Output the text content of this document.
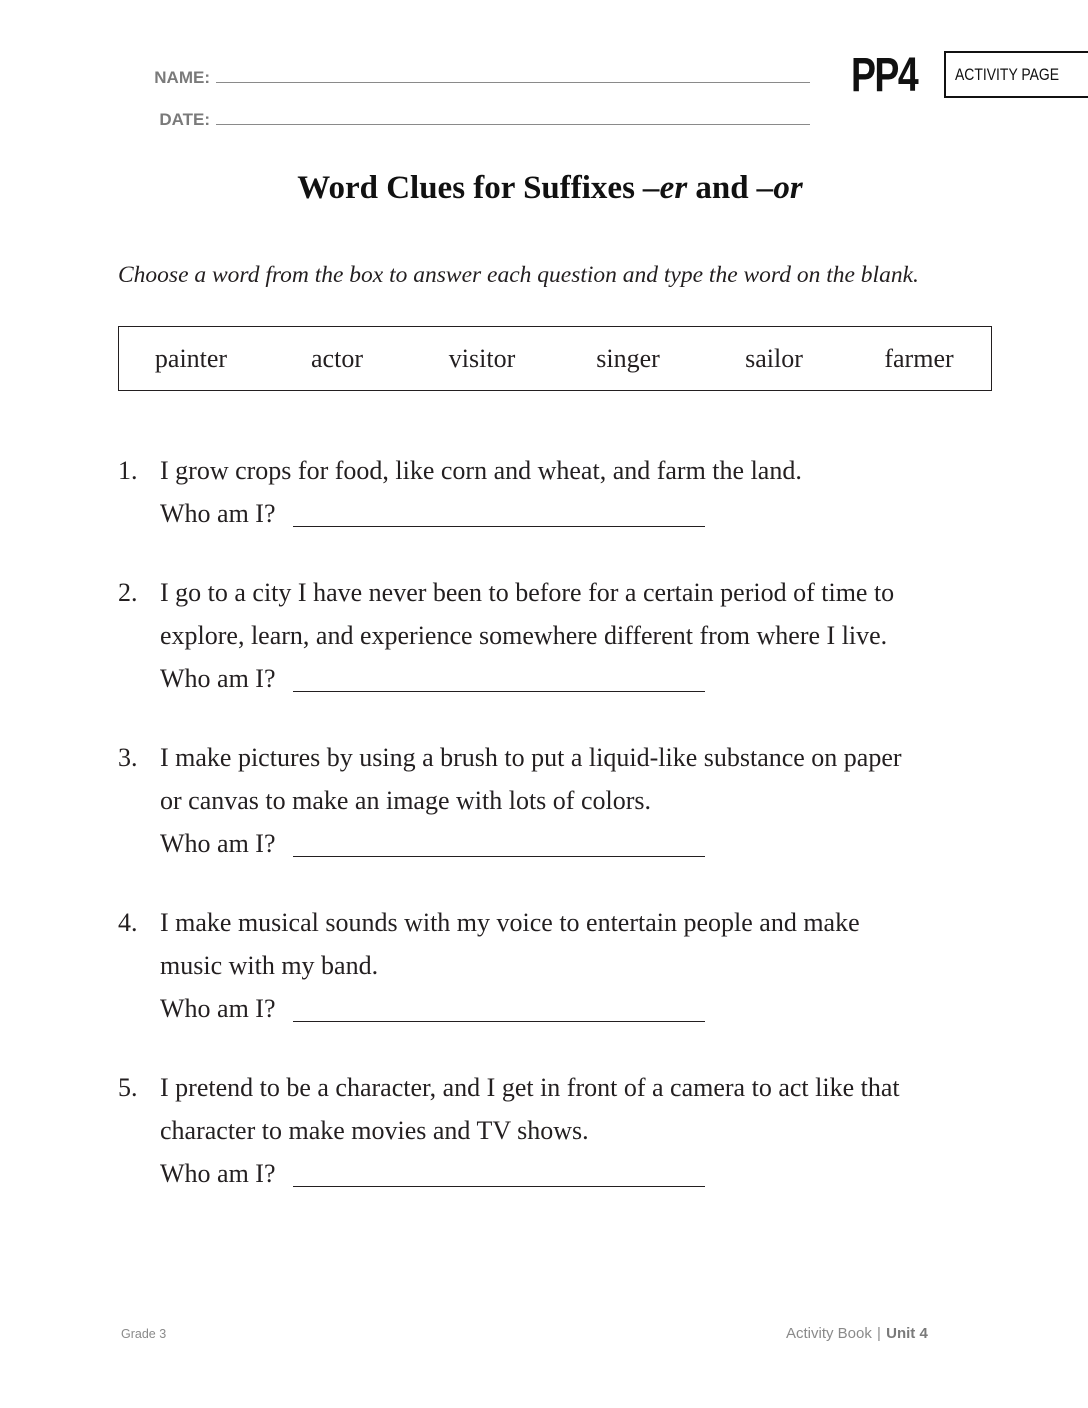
NAME:
DATE:
PP4 ACTIVITY PAGE
Word Clues for Suffixes –er and –or
Choose a word from the box to answer each question and type the word on the blank.
painter	actor	visitor	singer	sailor	farmer
1. I grow crops for food, like corn and wheat, and farm the land.
Who am I?
2. I go to a city I have never been to before for a certain period of time to
explore, learn, and experience somewhere different from where I live.
Who am I?
3. I make pictures by using a brush to put a liquid-like substance on paper
or canvas to make an image with lots of colors.
Who am I?
4. I make musical sounds with my voice to entertain people and make
music with my band.
Who am I?
5. I pretend to be a character, and I get in front of a camera to act like that
character to make movies and TV shows.
Who am I?
Grade 3	Activity Book | Unit 4
